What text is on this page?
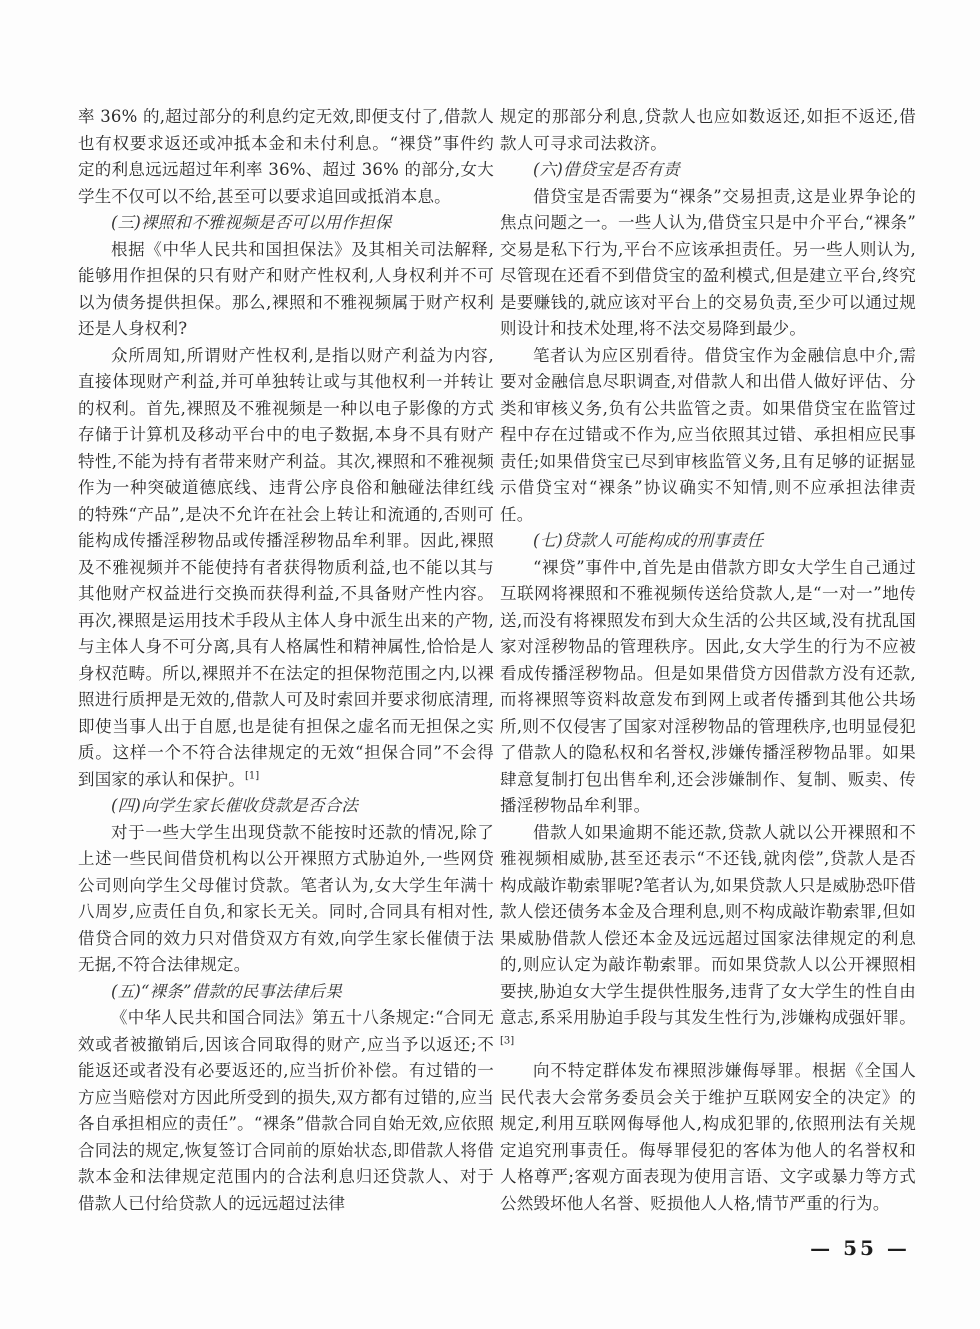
率 36% 的,超过部分的利息约定无效,即便支付了,借款人也有权要求返还或冲抵本金和未付利息。“裸贷”事件约定的利息远远超过年利率 36%、超过 36% 的部分,女大学生不仅可以不给,甚至可以要求追回或抵消本息。

(三)裸照和不雅视频是否可以用作担保

根据《中华人民共和国担保法》及其相关司法解释,能够用作担保的只有财产和财产性权利,人身权利并不可以为债务提供担保。那么,裸照和不雅视频属于财产权利还是人身权利?

众所周知,所谓财产性权利,是指以财产利益为内容,直接体现财产利益,并可单独转让或与其他权利一并转让的权利。首先,裸照及不雅视频是一种以电子影像的方式存储于计算机及移动平台中的电子数据,本身不具有财产特性,不能为持有者带来财产利益。其次,裸照和不雅视频作为一种突破道德底线、违背公序良俗和触碰法律红线的特殊“产品”,是决不允许在社会上转让和流通的,否则可能构成传播淫秽物品或传播淫秽物品牟利罪。因此,裸照及不雅视频并不能使持有者获得物质利益,也不能以其与其他财产权益进行交换而获得利益,不具备财产性内容。再次,裸照是运用技术手段从主体人身中派生出来的产物,与主体人身不可分离,具有人格属性和精神属性,恰恰是人身权范畴。所以,裸照并不在法定的担保物范围之内,以裸照进行质押是无效的,借款人可及时索回并要求彻底清理,即使当事人出于自愿,也是徒有担保之虚名而无担保之实质。这样一个不符合法律规定的无效“担保合同”不会得到国家的承认和保护。[1]

(四)向学生家长催收贷款是否合法

对于一些大学生出现贷款不能按时还款的情况,除了上述一些民间借贷机构以公开裸照方式胁迫外,一些网贷公司则向学生父母催讨贷款。笔者认为,女大学生年满十八周岁,应责任自负,和家长无关。同时,合同具有相对性,借贷合同的效力只对借贷双方有效,向学生家长催债于法无据,不符合法律规定。

(五)“裸条”借款的民事法律后果

《中华人民共和国合同法》第五十八条规定:“合同无效或者被撤销后,因该合同取得的财产,应当予以返还;不能返还或者没有必要返还的,应当折价补偿。有过错的一方应当赔偿对方因此所受到的损失,双方都有过错的,应当各自承担相应的责任”。“裸条”借款合同自始无效,应依照合同法的规定,恢复签订合同前的原始状态,即借款人将借款本金和法律规定范围内的合法利息归还贷款人、对于借款人已付给贷款人的远远超过法律

规定的那部分利息,贷款人也应如数返还,如拒不返还,借款人可寻求司法救济。

(六)借贷宝是否有责

借贷宝是否需要为“裸条”交易担责,这是业界争论的焦点问题之一。一些人认为,借贷宝只是中介平台,“裸条”交易是私下行为,平台不应该承担责任。另一些人则认为,尽管现在还看不到借贷宝的盈利模式,但是建立平台,终究是要赚钱的,就应该对平台上的交易负责,至少可以通过规则设计和技术处理,将不法交易降到最少。

笔者认为应区别看待。借贷宝作为金融信息中介,需要对金融信息尽职调查,对借款人和出借人做好评估、分类和审核义务,负有公共监管之责。如果借贷宝在监管过程中存在过错或不作为,应当依照其过错、承担相应民事责任;如果借贷宝已尽到审核监管义务,且有足够的证据显示借贷宝对“裸条”协议确实不知情,则不应承担法律责任。

(七)贷款人可能构成的刑事责任

“裸贷”事件中,首先是由借款方即女大学生自己通过互联网将裸照和不雅视频传送给贷款人,是“一对一”地传送,而没有将裸照发布到大众生活的公共区域,没有扰乱国家对淫秽物品的管理秩序。因此,女大学生的行为不应被看成传播淫秽物品。但是如果借贷方因借款方没有还款,而将裸照等资料故意发布到网上或者传播到其他公共场所,则不仅侵害了国家对淫秽物品的管理秩序,也明显侵犯了借款人的隐私权和名誉权,涉嫌传播淫秽物品罪。如果肆意复制打包出售牟利,还会涉嫌制作、复制、贩卖、传播淫秽物品牟利罪。

借款人如果逾期不能还款,贷款人就以公开裸照和不雅视频相威胁,甚至还表示“不还钱,就肉偿”,贷款人是否构成敲诈勒索罪呢?笔者认为,如果贷款人只是威胁恐吓借款人偿还债务本金及合理利息,则不构成敲诈勒索罪,但如果威胁借款人偿还本金及远远超过国家法律规定的利息的,则应认定为敲诈勒索罪。而如果贷款人以公开裸照相要挟,胁迫女大学生提供性服务,违背了女大学生的性自由意志,系采用胁迫手段与其发生性行为,涉嫌构成强奸罪。[3]

向不特定群体发布裸照涉嫌侮辱罪。根据《全国人民代表大会常务委员会关于维护互联网安全的决定》的规定,利用互联网侮辱他人,构成犯罪的,依照刑法有关规定追究刑事责任。侮辱罪侵犯的客体为他人的名誉权和人格尊严;客观方面表现为使用言语、文字或暴力等方式公然毁坏他人名誉、贬损他人人格,情节严重的行为。

— 55 —
